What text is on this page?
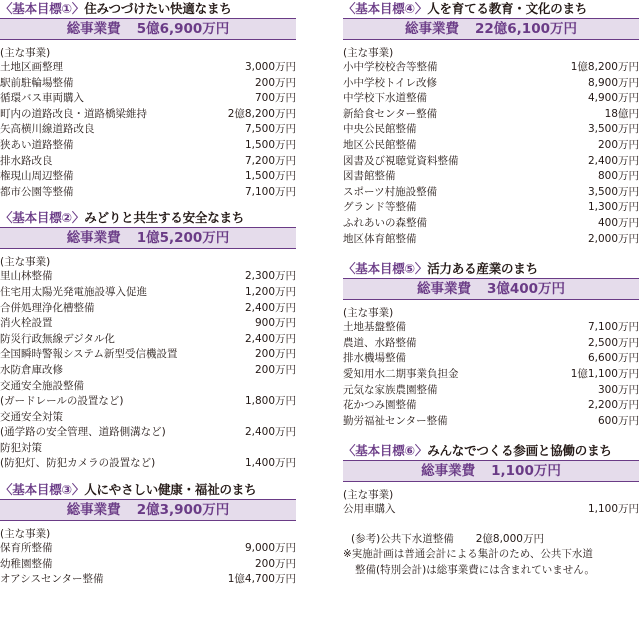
〈基本目標①〉住みつづけたい快適なまち
総事業費 5億6,900万円
(主な事業)
土地区画整理	3,000万円
駅前駐輪場整備	200万円
循環バス車両購入	700万円
町内の道路改良・道路橋梁維持	2億8,200万円
矢高横川線道路改良	7,500万円
狭あい道路整備	1,500万円
排水路改良	7,200万円
権現山周辺整備	1,500万円
都市公園等整備	7,100万円
〈基本目標②〉みどりと共生する安全なまち
総事業費 1億5,200万円
(主な事業)
里山林整備	2,300万円
住宅用太陽光発電施設導入促進	1,200万円
合併処理浄化槽整備	2,400万円
消火栓設置	900万円
防災行政無線デジタル化	2,400万円
全国瞬時警報システム新型受信機設置	200万円
水防倉庫改修	200万円
交通安全施設整備
(ガードレールの設置など)	1,800万円
交通安全対策
(通学路の安全管理、道路側溝など)	2,400万円
防犯対策
(防犯灯、防犯カメラの設置など)	1,400万円
〈基本目標③〉人にやさしい健康・福祉のまち
総事業費 2億3,900万円
(主な事業)
保育所整備	9,000万円
幼稚園整備	200万円
オアシスセンター整備	1億4,700万円
〈基本目標④〉人を育てる教育・文化のまち
総事業費 22億6,100万円
(主な事業)
小中学校校舎等整備	1億8,200万円
小中学校トイレ改修	8,900万円
中学校下水道整備	4,900万円
新給食センター整備	18億円
中央公民館整備	3,500万円
地区公民館整備	200万円
図書及び視聴覚資料整備	2,400万円
図書館整備	800万円
スポーツ村施設整備	3,500万円
グランド等整備	1,300万円
ふれあいの森整備	400万円
地区体育館整備	2,000万円
〈基本目標⑤〉活力ある産業のまち
総事業費 3億400万円
(主な事業)
土地基盤整備	7,100万円
農道、水路整備	2,500万円
排水機場整備	6,600万円
愛知用水二期事業負担金	1億1,100万円
元気な家族農園整備	300万円
花かつみ園整備	2,200万円
勤労福祉センター整備	600万円
〈基本目標⑥〉みんなでつくる参画と協働のまち
総事業費 1,100万円
(主な事業)
公用車購入	1,100万円
(参考)公共下水道整備 2億8,000万円
※実施計画は普通会計による集計のため、公共下水道
整備(特別会計)は総事業費には含まれていません。
